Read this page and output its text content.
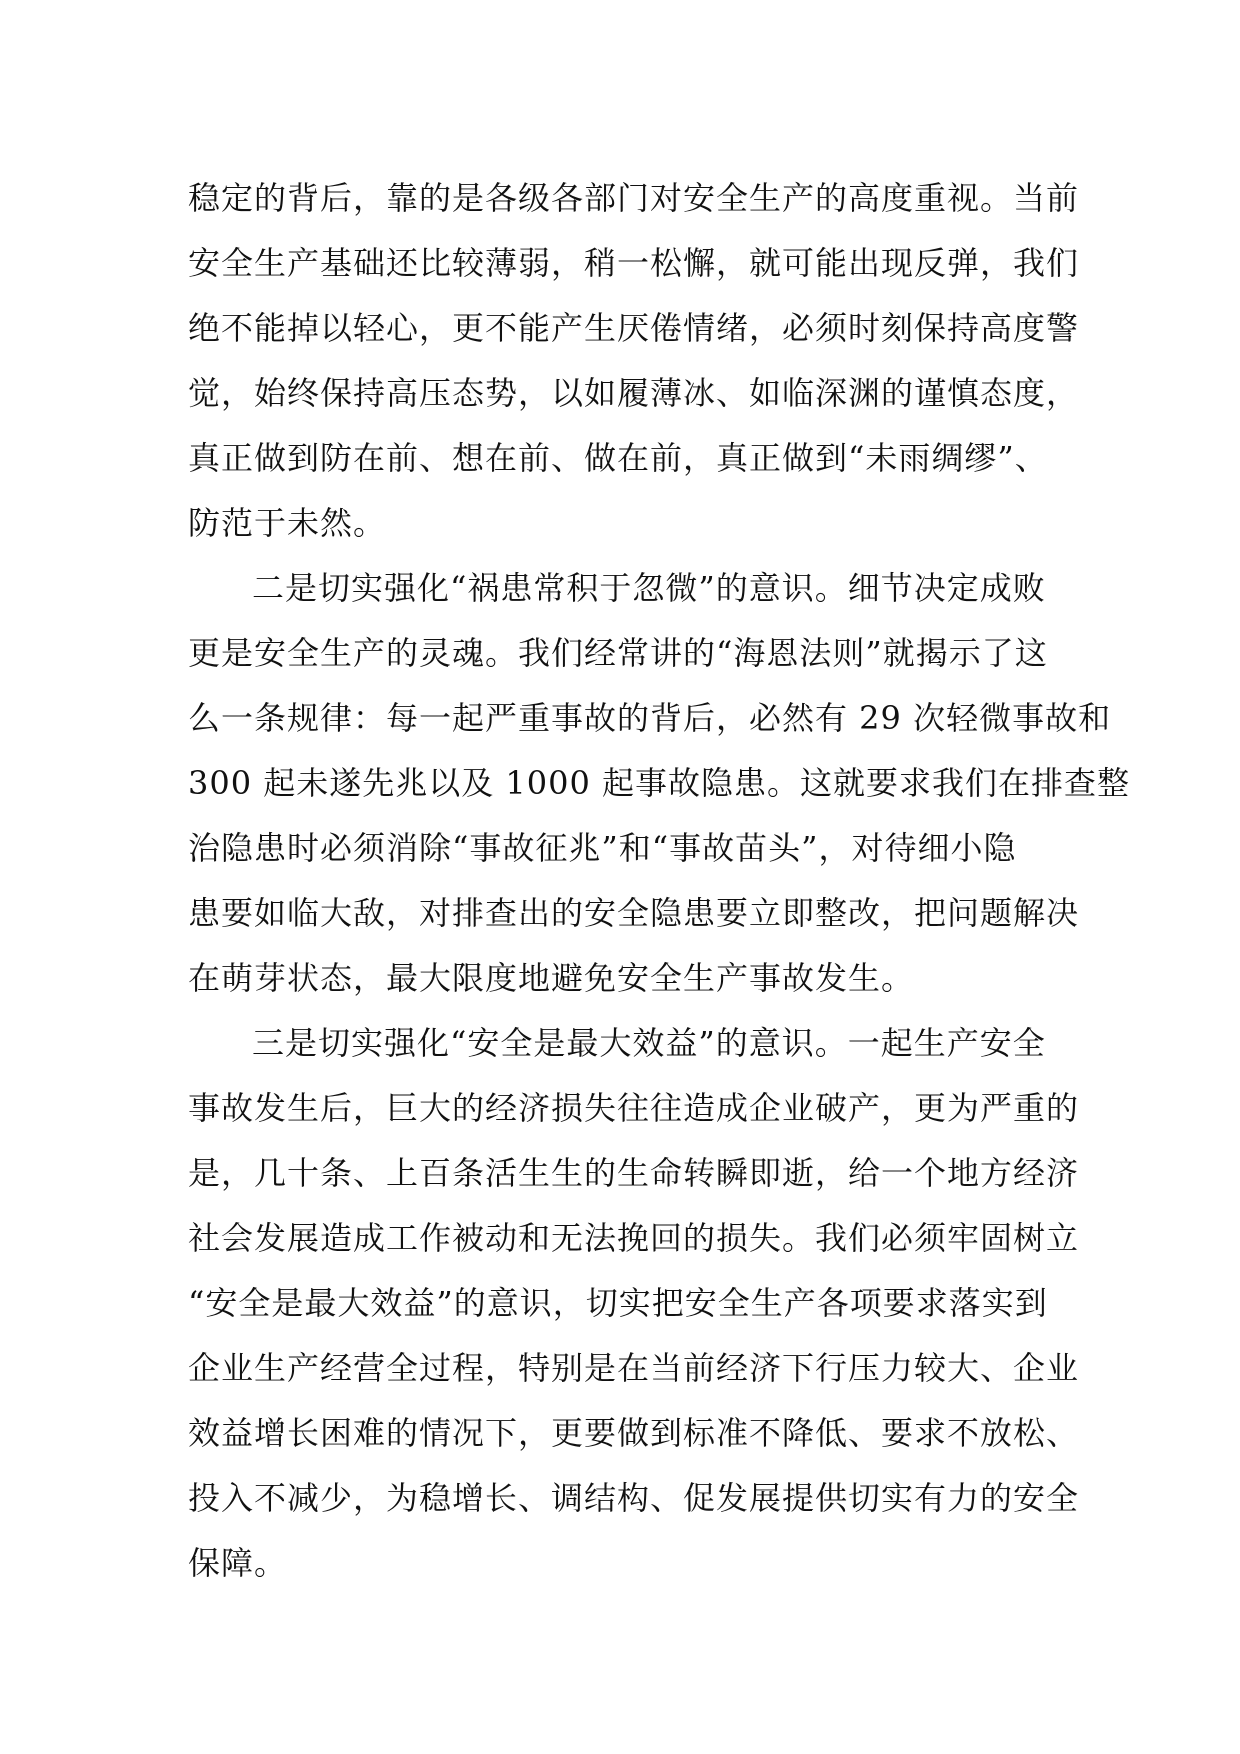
稳定的背后，靠的是各级各部门对安全生产的高度重视。当前
安全生产基础还比较薄弱，稍一松懈，就可能出现反弹，我们
绝不能掉以轻心，更不能产生厌倦情绪，必须时刻保持高度警
觉，始终保持高压态势，以如履薄冰、如临深渊的谨慎态度，
真正做到防在前、想在前、做在前，真正做到“未雨绸缪”、
防范于未然。
二是切实强化“祸患常积于忽微”的意识。细节决定成败
更是安全生产的灵魂。我们经常讲的“海恩法则”就揭示了这
么一条规律：每一起严重事故的背后，必然有 29 次轻微事故和
300 起未遂先兆以及 1000 起事故隐患。这就要求我们在排查整
治隐患时必须消除“事故征兆”和“事故苗头”，对待细小隐
患要如临大敌，对排查出的安全隐患要立即整改，把问题解决
在萌芽状态，最大限度地避免安全生产事故发生。
三是切实强化“安全是最大效益”的意识。一起生产安全
事故发生后，巨大的经济损失往往造成企业破产，更为严重的
是，几十条、上百条活生生的生命转瞬即逝，给一个地方经济
社会发展造成工作被动和无法挽回的损失。我们必须牢固树立
“安全是最大效益”的意识，切实把安全生产各项要求落实到
企业生产经营全过程，特别是在当前经济下行压力较大、企业
效益增长困难的情况下，更要做到标准不降低、要求不放松、
投入不减少，为稳增长、调结构、促发展提供切实有力的安全
保障。
